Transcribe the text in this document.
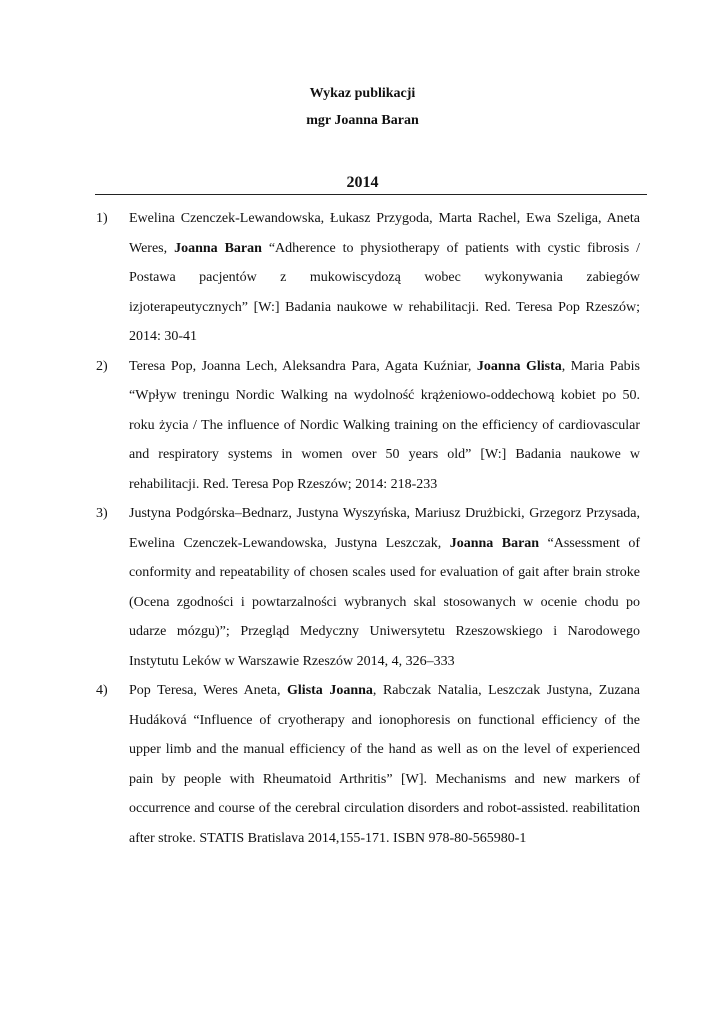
Wykaz publikacji
mgr Joanna Baran
2014
1)	Ewelina Czenczek-Lewandowska, Łukasz Przygoda, Marta Rachel, Ewa Szeliga, Aneta Weres, Joanna Baran “Adherence to physiotherapy of patients with cystic fibrosis / Postawa pacjentów z mukowiscydozą wobec wykonywania zabiegów izjoterapeutycznych” [W:] Badania naukowe w rehabilitacji. Red. Teresa Pop Rzeszów; 2014: 30-41
2)	Teresa Pop, Joanna Lech, Aleksandra Para, Agata Kuźniar, Joanna Glista, Maria Pabis “Wpływ treningu Nordic Walking na wydolność krążeniowo-oddechową kobiet po 50. roku życia / The influence of Nordic Walking training on the efficiency of cardiovascular and respiratory systems in women over 50 years old” [W:] Badania naukowe w rehabilitacji. Red. Teresa Pop Rzeszów; 2014: 218-233
3)	Justyna Podgórska–Bednarz, Justyna Wyszyńska, Mariusz Drużbicki, Grzegorz Przysada, Ewelina Czenczek-Lewandowska, Justyna Leszczak, Joanna Baran “Assessment of conformity and repeatability of chosen scales used for evaluation of gait after brain stroke (Ocena zgodności i powtarzalności wybranych skal stosowanych w ocenie chodu po udarze mózgu)”; Przegląd Medyczny Uniwersytetu Rzeszowskiego i Narodowego Instytutu Leków w Warszawie Rzeszów 2014, 4, 326–333
4)	Pop Teresa, Weres Aneta, Glista Joanna, Rabczak Natalia, Leszczak Justyna, Zuzana Hudáková “Influence of cryotherapy and ionophoresis on functional efficiency of the upper limb and the manual efficiency of the hand as well as on the level of experienced pain by people with Rheumatoid Arthritis” [W]. Mechanisms and new markers of occurrence and course of the cerebral circulation disorders and robot-assisted. reabilitation after stroke. STATIS Bratislava 2014,155-171. ISBN 978-80-565980-1
